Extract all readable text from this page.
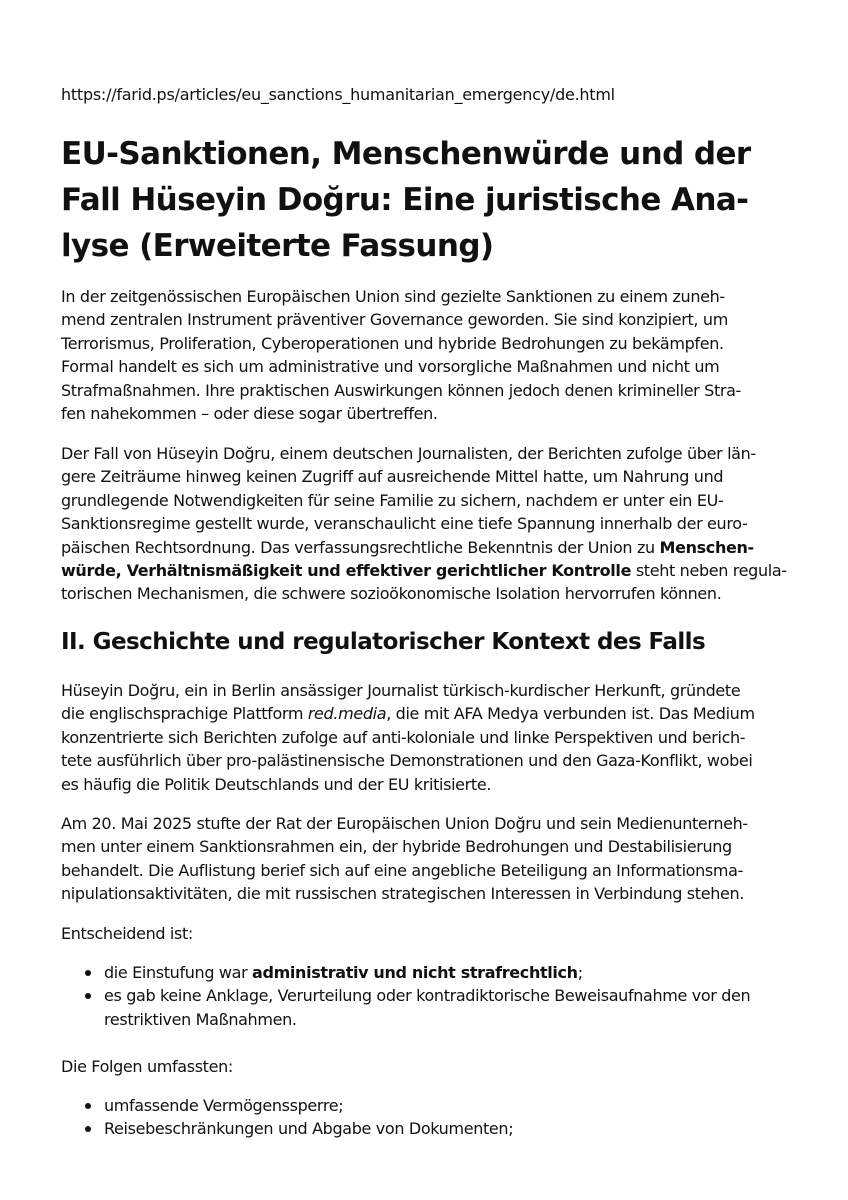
https://farid.ps/articles/eu_sanctions_humanitarian_emergency/de.html
EU-Sanktionen, Menschenwürde und der
Fall Hüseyin Doğru: Eine juristische Ana-
lyse (Erweiterte Fassung)

In der zeitgenössischen Europäischen Union sind gezielte Sanktionen zu einem zuneh-
mend zentralen Instrument präventiver Governance geworden. Sie sind konzipiert, um
Terrorismus, Proliferation, Cyberoperationen und hybride Bedrohungen zu bekämpfen.
Formal handelt es sich um administrative und vorsorgliche Maßnahmen und nicht um
Strafmaßnahmen. Ihre praktischen Auswirkungen können jedoch denen krimineller Stra-
fen nahekommen – oder diese sogar übertreffen.

Der Fall von Hüseyin Doğru, einem deutschen Journalisten, der Berichten zufolge über län-
gere Zeiträume hinweg keinen Zugriff auf ausreichende Mittel hatte, um Nahrung und
grundlegende Notwendigkeiten für seine Familie zu sichern, nachdem er unter ein EU-
Sanktionsregime gestellt wurde, veranschaulicht eine tiefe Spannung innerhalb der euro-
päischen Rechtsordnung. Das verfassungsrechtliche Bekenntnis der Union zu Menschen-
würde, Verhältnismäßigkeit und effektiver gerichtlicher Kontrolle steht neben regula-
torischen Mechanismen, die schwere sozioökonomische Isolation hervorrufen können.

II. Geschichte und regulatorischer Kontext des Falls

Hüseyin Doğru, ein in Berlin ansässiger Journalist türkisch-kurdischer Herkunft, gründete
die englischsprachige Plattform red.media, die mit AFA Medya verbunden ist. Das Medium
konzentrierte sich Berichten zufolge auf anti-koloniale und linke Perspektiven und berich-
tete ausführlich über pro-palästinensische Demonstrationen und den Gaza-Konflikt, wobei
es häufig die Politik Deutschlands und der EU kritisierte.

Am 20. Mai 2025 stufte der Rat der Europäischen Union Doğru und sein Medienunterneh-
men unter einem Sanktionsrahmen ein, der hybride Bedrohungen und Destabilisierung
behandelt. Die Auflistung berief sich auf eine angebliche Beteiligung an Informationsma-
nipulationsaktivitäten, die mit russischen strategischen Interessen in Verbindung stehen.

Entscheidend ist:

die Einstufung war administrativ und nicht strafrechtlich;
es gab keine Anklage, Verurteilung oder kontradiktorische Beweisaufnahme vor den
restriktiven Maßnahmen.

Die Folgen umfassten:

umfassende Vermögenssperre;
Reisebeschränkungen und Abgabe von Dokumenten;
